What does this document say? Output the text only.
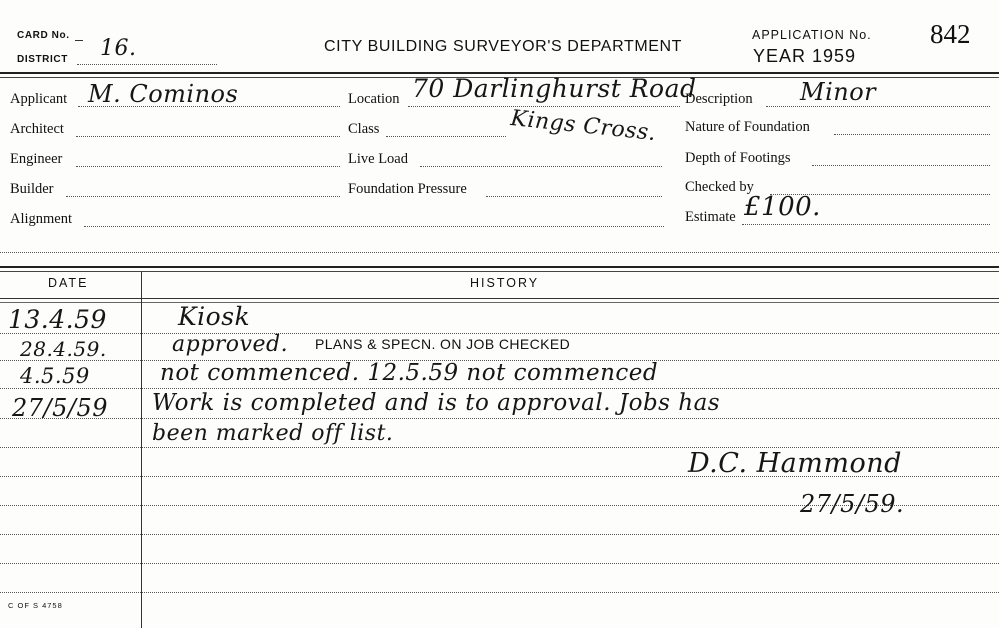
CARD No.
DISTRICT 16.	CITY BUILDING SURVEYOR'S DEPARTMENT
APPLICATION No.
YEAR 1959
842
Applicant M. Cominos
Architect
Engineer
Builder
Alignment
Location 70 Darlinghurst Road
Kings Cross.
Class
Live Load
Foundation Pressure
Description Minor
Nature of Foundation
Depth of Footings
Checked by
Estimate £100.
DATE	HISTORY
13.4.59	Kiosk
28.4.59.	approved. PLANS & SPECN. ON JOB CHECKED
4.5.59	not commenced. 12.5.59 not commenced
27/5/59 Work is completed and is to approval. Jobs has
been marked off list.
D.C. Hammond
27/5/59.
C OF S 4758
